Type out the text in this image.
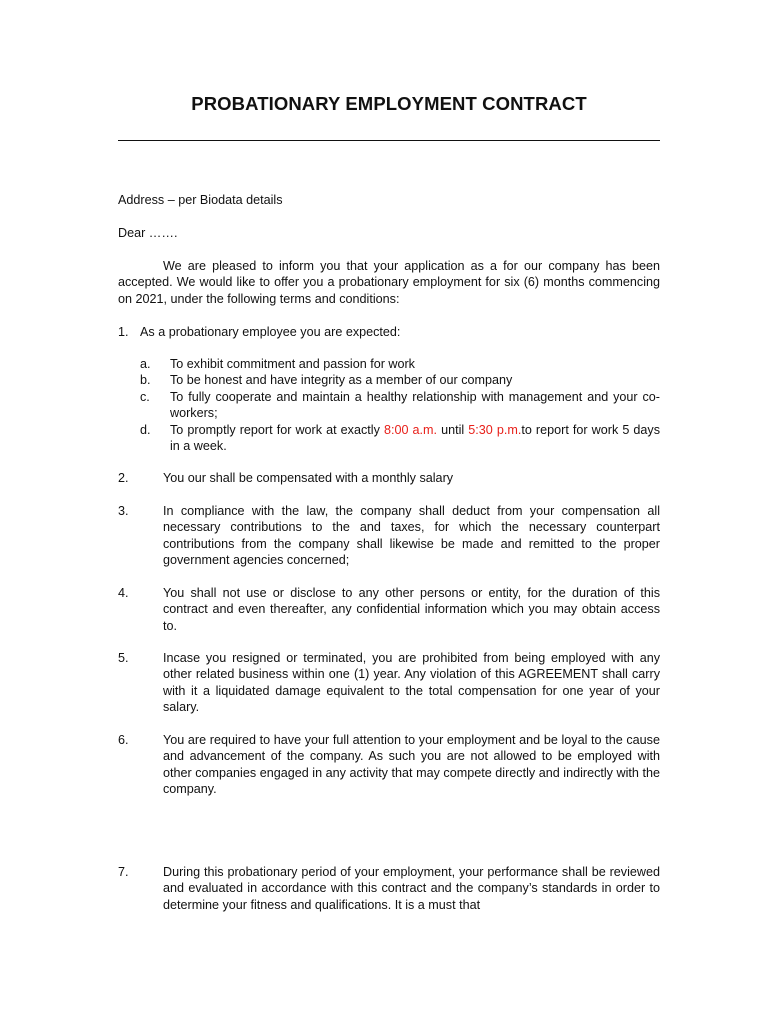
PROBATIONARY EMPLOYMENT CONTRACT
Address – per Biodata details
Dear …….
We are pleased to inform you that your application as a for our company has been accepted. We would like to offer you a probationary employment for six (6) months commencing on 2021, under the following terms and conditions:
1. As a probationary employee you are expected:
a. To exhibit commitment and passion for work
b. To be honest and have integrity as a member of our company
c. To fully cooperate and maintain a healthy relationship with management and your co-workers;
d. To promptly report for work at exactly 8:00 a.m. until 5:30 p.m.to report for work 5 days in a week.
2.	You our shall be compensated with a monthly salary
3.	In compliance with the law, the company shall deduct from your compensation all necessary contributions to the and taxes, for which the necessary counterpart contributions from the company shall likewise be made and remitted to the proper government agencies concerned;
4.	You shall not use or disclose to any other persons or entity, for the duration of this contract and even thereafter, any confidential information which you may obtain access to.
5.	Incase you resigned or terminated, you are prohibited from being employed with any other related business within one (1) year. Any violation of this AGREEMENT shall carry with it a liquidated damage equivalent to the total compensation for one year of your salary.
6.	You are required to have your full attention to your employment and be loyal to the cause and advancement of the company. As such you are not allowed to be employed with other companies engaged in any activity that may compete directly and indirectly with the company.
7.	During this probationary period of your employment, your performance shall be reviewed and evaluated in accordance with this contract and the company’s standards in order to determine your fitness and qualifications. It is a must that
